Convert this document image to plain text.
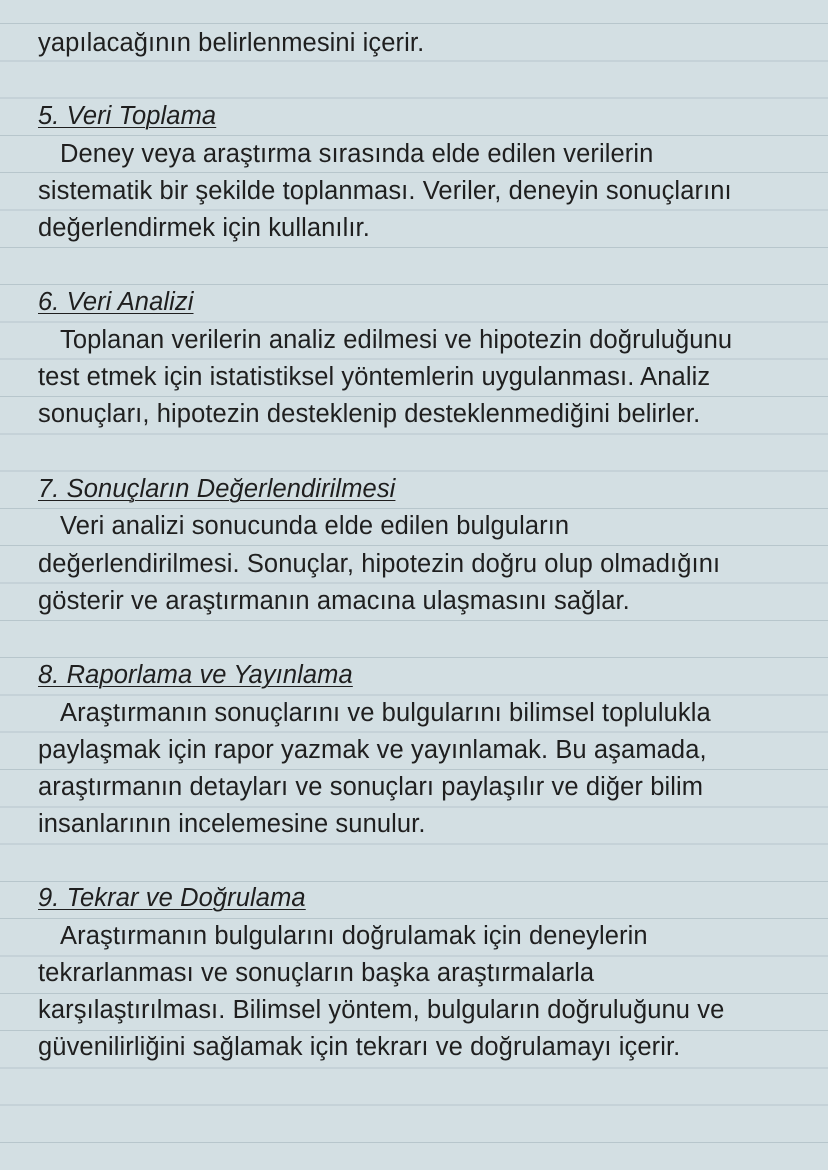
yapılacağının belirlenmesini içerir.
5. Veri Toplama
Deney veya araştırma sırasında elde edilen verilerin
sistematik bir şekilde toplanması. Veriler, deneyin sonuçlarını
değerlendirmek için kullanılır.
6. Veri Analizi
Toplanan verilerin analiz edilmesi ve hipotezin doğruluğunu
test etmek için istatistiksel yöntemlerin uygulanması. Analiz
sonuçları, hipotezin desteklenip desteklenmediğini belirler.
7. Sonuçların Değerlendirilmesi
Veri analizi sonucunda elde edilen bulguların
değerlendirilmesi. Sonuçlar, hipotezin doğru olup olmadığını
gösterir ve araştırmanın amacına ulaşmasını sağlar.
8. Raporlama ve Yayınlama
Araştırmanın sonuçlarını ve bulgularını bilimsel toplulukla
paylaşmak için rapor yazmak ve yayınlamak. Bu aşamada,
araştırmanın detayları ve sonuçları paylaşılır ve diğer bilim
insanlarının incelemesine sunulur.
9. Tekrar ve Doğrulama
Araştırmanın bulgularını doğrulamak için deneylerin
tekrarlanması ve sonuçların başka araştırmalarla
karşılaştırılması. Bilimsel yöntem, bulguların doğruluğunu ve
güvenilirliğini sağlamak için tekrarı ve doğrulamayı içerir.
